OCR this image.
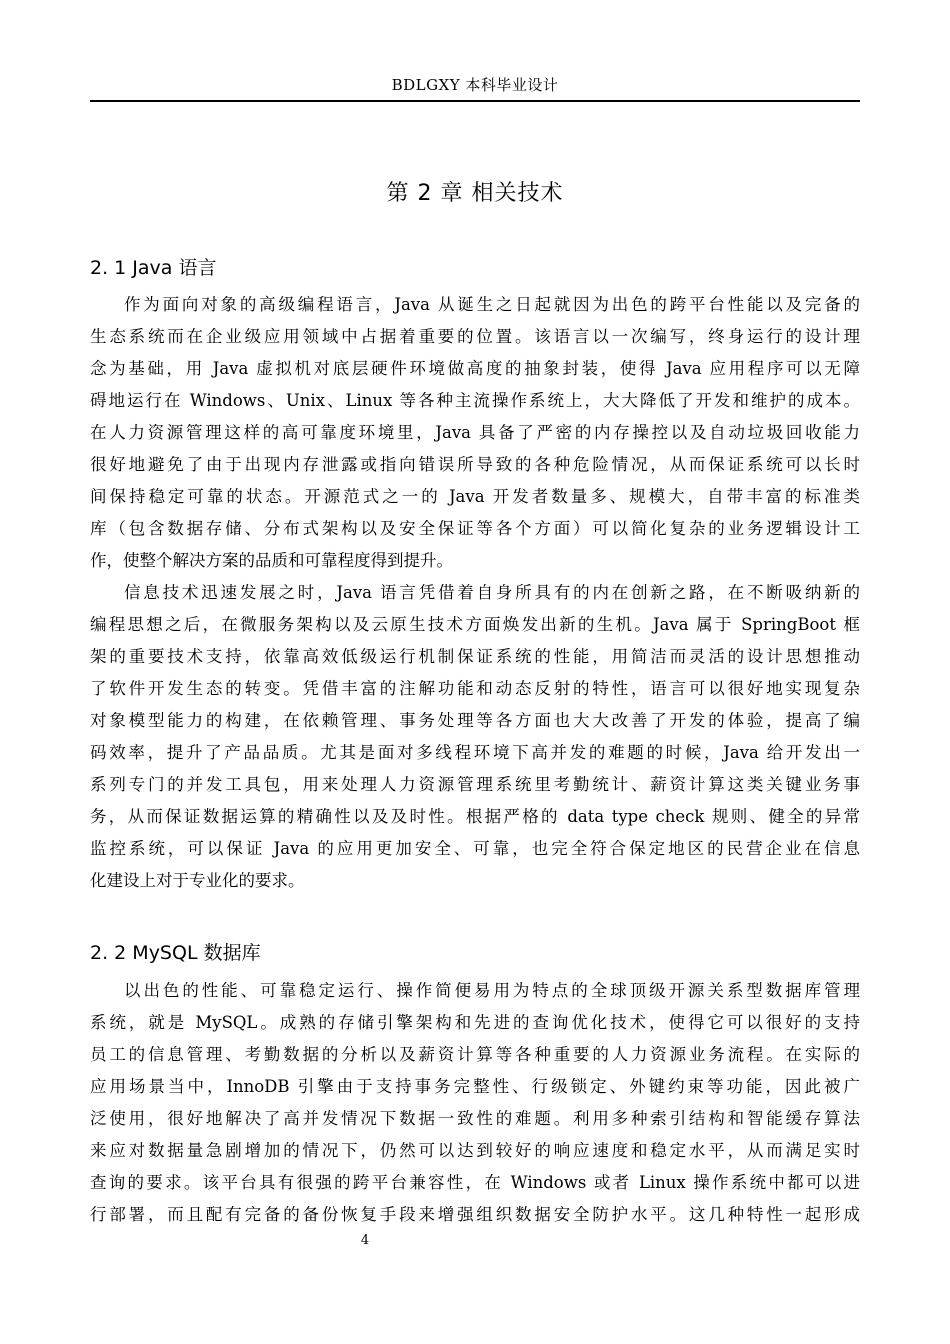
BDLGXY 本科毕业设计
第 2 章 相关技术
2. 1 Java 语言
作为面向对象的高级编程语言，Java 从诞生之日起就因为出色的跨平台性能以及完备的
生态系统而在企业级应用领域中占据着重要的位置。该语言以一次编写，终身运行的设计理
念为基础，用 Java 虚拟机对底层硬件环境做高度的抽象封装，使得 Java 应用程序可以无障
碍地运行在 Windows、Unix、Linux 等各种主流操作系统上，大大降低了开发和维护的成本。
在人力资源管理这样的高可靠度环境里，Java 具备了严密的内存操控以及自动垃圾回收能力
很好地避免了由于出现内存泄露或指向错误所导致的各种危险情况，从而保证系统可以长时
间保持稳定可靠的状态。开源范式之一的 Java 开发者数量多、规模大，自带丰富的标准类
库（包含数据存储、分布式架构以及安全保证等各个方面）可以简化复杂的业务逻辑设计工
作，使整个解决方案的品质和可靠程度得到提升。
信息技术迅速发展之时，Java 语言凭借着自身所具有的内在创新之路，在不断吸纳新的
编程思想之后，在微服务架构以及云原生技术方面焕发出新的生机。Java 属于 SpringBoot 框
架的重要技术支持，依靠高效低级运行机制保证系统的性能，用简洁而灵活的设计思想推动
了软件开发生态的转变。凭借丰富的注解功能和动态反射的特性，语言可以很好地实现复杂
对象模型能力的构建，在依赖管理、事务处理等各方面也大大改善了开发的体验，提高了编
码效率，提升了产品品质。尤其是面对多线程环境下高并发的难题的时候，Java 给开发出一
系列专门的并发工具包，用来处理人力资源管理系统里考勤统计、薪资计算这类关键业务事
务，从而保证数据运算的精确性以及及时性。根据严格的 data type check 规则、健全的异常
监控系统，可以保证 Java 的应用更加安全、可靠，也完全符合保定地区的民营企业在信息
化建设上对于专业化的要求。
2. 2 MySQL 数据库
以出色的性能、可靠稳定运行、操作简便易用为特点的全球顶级开源关系型数据库管理
系统，就是 MySQL。成熟的存储引擎架构和先进的查询优化技术，使得它可以很好的支持
员工的信息管理、考勤数据的分析以及薪资计算等各种重要的人力资源业务流程。在实际的
应用场景当中，InnoDB 引擎由于支持事务完整性、行级锁定、外键约束等功能，因此被广
泛使用，很好地解决了高并发情况下数据一致性的难题。利用多种索引结构和智能缓存算法
来应对数据量急剧增加的情况下，仍然可以达到较好的响应速度和稳定水平，从而满足实时
查询的要求。该平台具有很强的跨平台兼容性，在 Windows 或者 Linux 操作系统中都可以进
行部署，而且配有完备的备份恢复手段来增强组织数据安全防护水平。这几种特性一起形成
4
